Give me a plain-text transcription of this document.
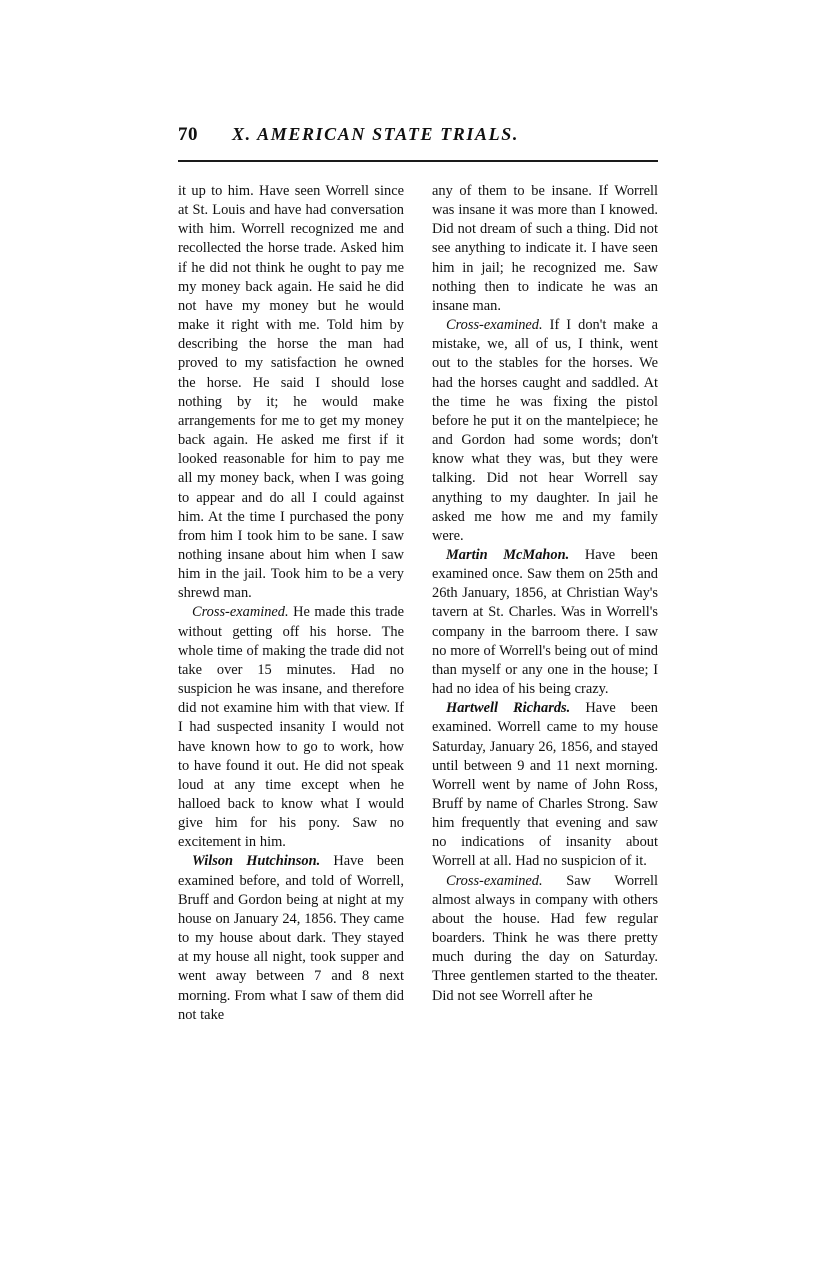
70	X. AMERICAN STATE TRIALS.

it up to him. Have seen Worrell since at St. Louis and have had conversation with him. Worrell recognized me and recollected the horse trade. Asked him if he did not think he ought to pay me my money back again. He said he did not have my money but he would make it right with me. Told him by describing the horse the man had proved to my satisfaction he owned the horse. He said I should lose nothing by it; he would make arrangements for me to get my money back again. He asked me first if it looked reasonable for him to pay me all my money back, when I was going to appear and do all I could against him. At the time I purchased the pony from him I took him to be sane. I saw nothing insane about him when I saw him in the jail. Took him to be a very shrewd man.

Cross-examined. He made this trade without getting off his horse. The whole time of making the trade did not take over 15 minutes. Had no suspicion he was insane, and therefore did not examine him with that view. If I had suspected insanity I would not have known how to go to work, how to have found it out. He did not speak loud at any time except when he halloed back to know what I would give him for his pony. Saw no excitement in him.

Wilson Hutchinson. Have been examined before, and told of Worrell, Bruff and Gordon being at night at my house on January 24, 1856. They came to my house about dark. They stayed at my house all night, took supper and went away between 7 and 8 next morning. From what I saw of them did not take

any of them to be insane. If Worrell was insane it was more than I knowed. Did not dream of such a thing. Did not see anything to indicate it. I have seen him in jail; he recognized me. Saw nothing then to indicate he was an insane man.

Cross-examined. If I don't make a mistake, we, all of us, I think, went out to the stables for the horses. We had the horses caught and saddled. At the time he was fixing the pistol before he put it on the mantelpiece; he and Gordon had some words; don't know what they was, but they were talking. Did not hear Worrell say anything to my daughter. In jail he asked me how me and my family were.

Martin McMahon. Have been examined once. Saw them on 25th and 26th January, 1856, at Christian Way's tavern at St. Charles. Was in Worrell's company in the barroom there. I saw no more of Worrell's being out of mind than myself or any one in the house; I had no idea of his being crazy.

Hartwell Richards. Have been examined. Worrell came to my house Saturday, January 26, 1856, and stayed until between 9 and 11 next morning. Worrell went by name of John Ross, Bruff by name of Charles Strong. Saw him frequently that evening and saw no indications of insanity about Worrell at all. Had no suspicion of it.

Cross-examined. Saw Worrell almost always in company with others about the house. Had few regular boarders. Think he was there pretty much during the day on Saturday. Three gentlemen started to the theater. Did not see Worrell after he
